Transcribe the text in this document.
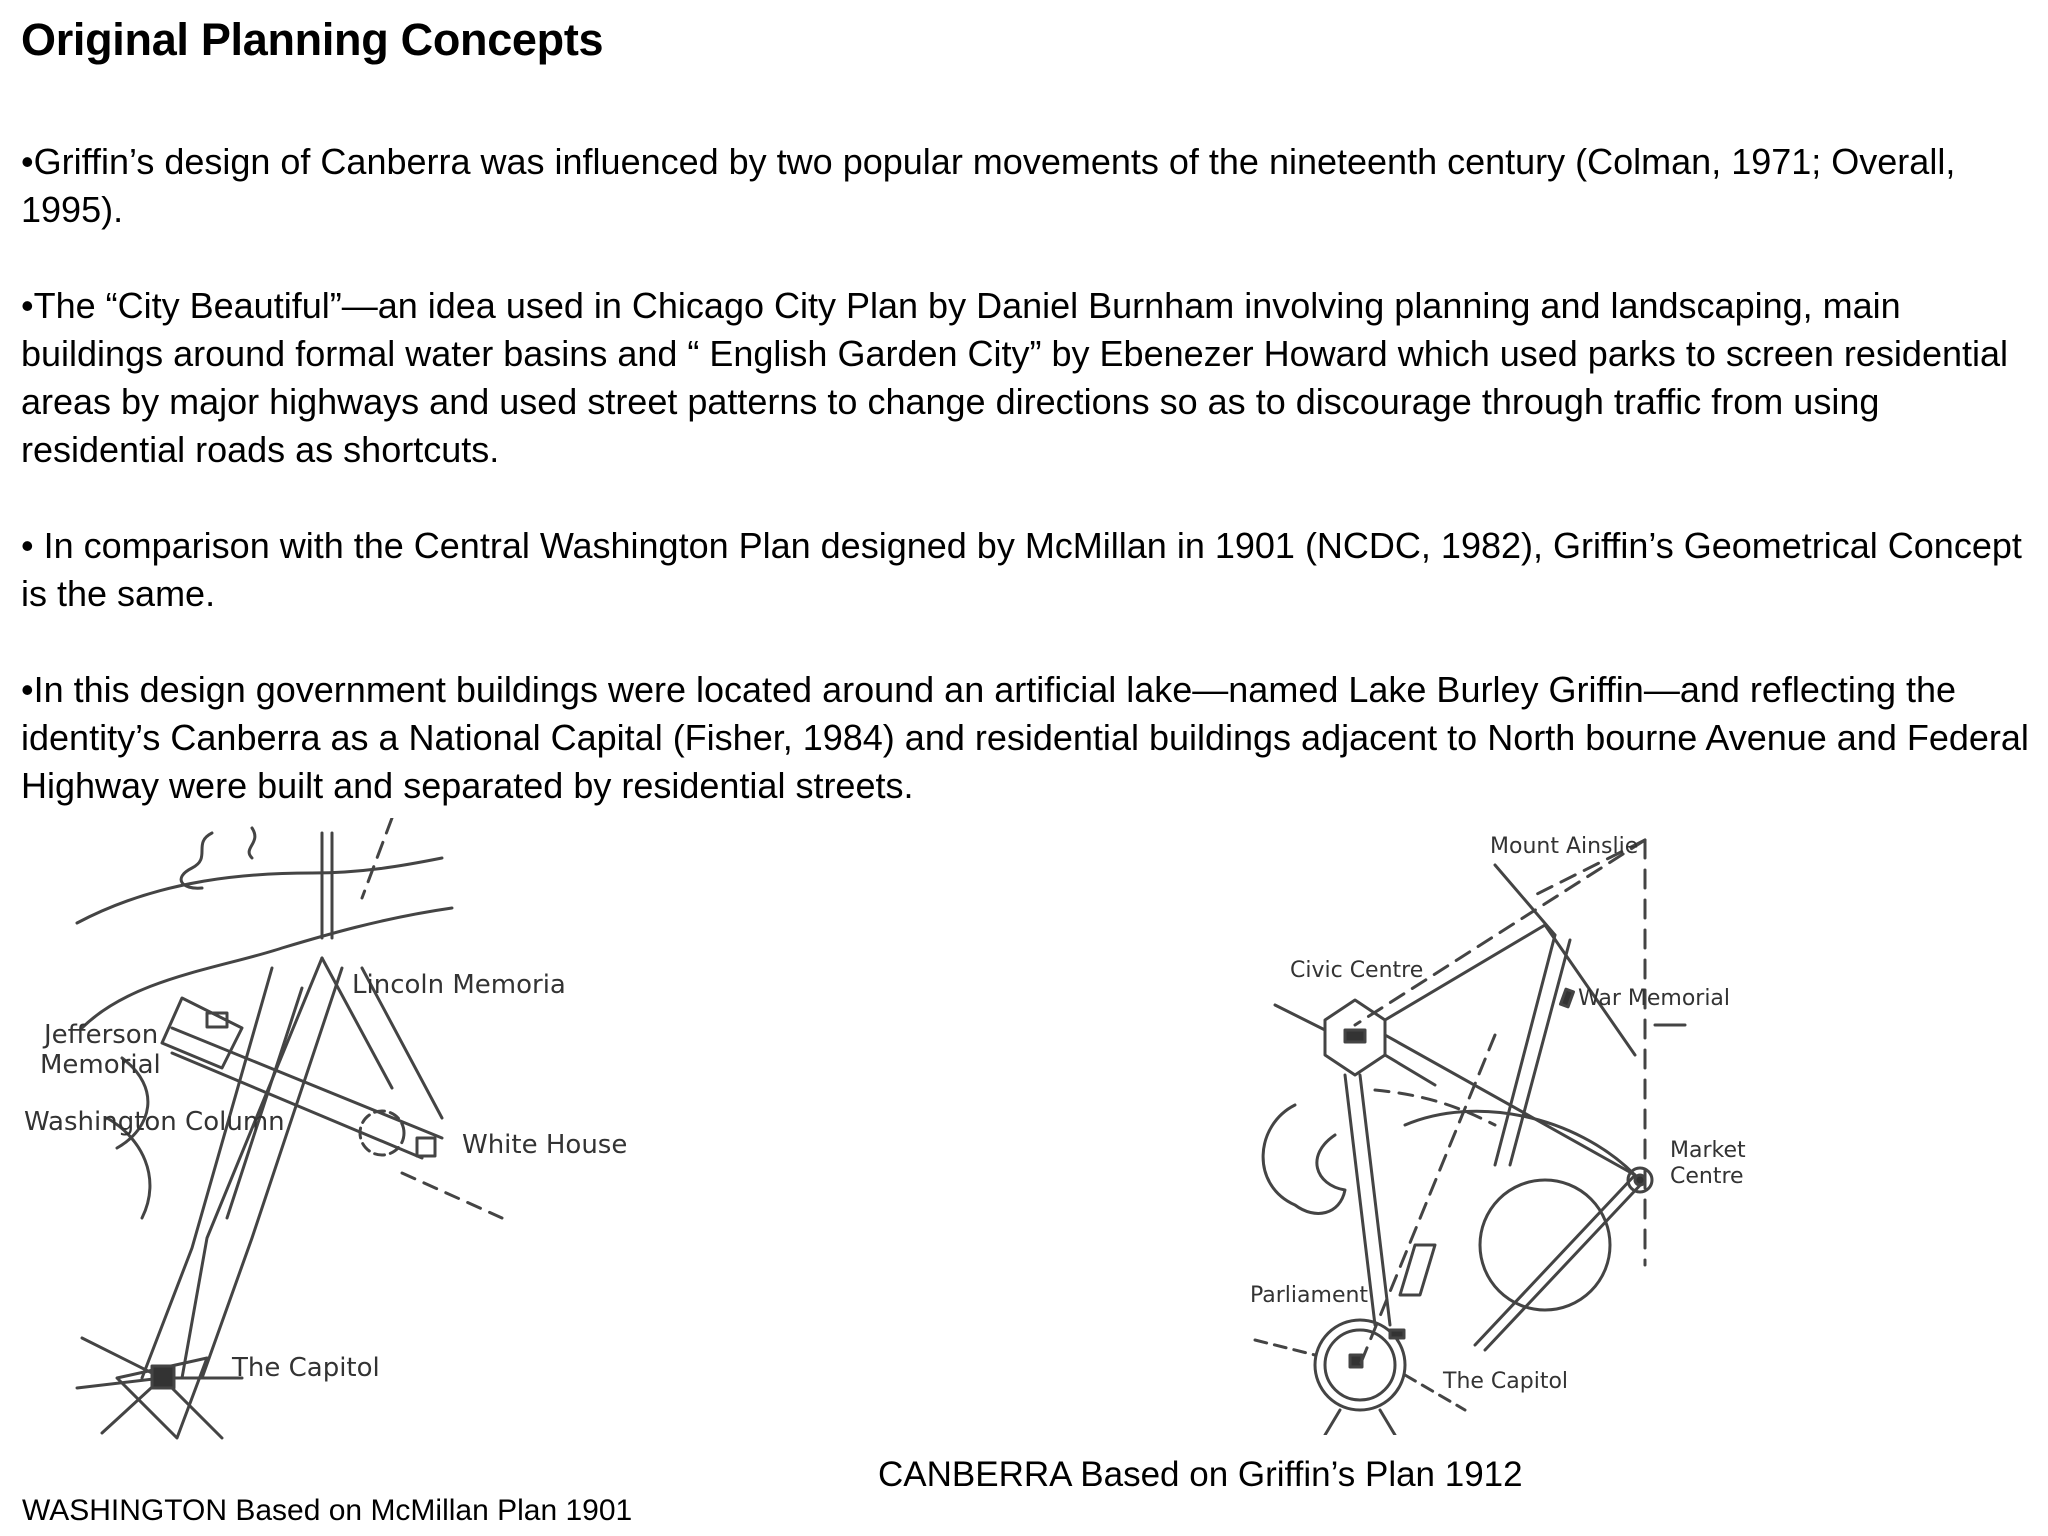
Original Planning Concepts

•Griffin’s design of Canberra was influenced by two popular movements of the nineteenth century (Colman, 1971; Overall, 1995).

•The “City Beautiful”—an idea used in Chicago City Plan by Daniel Burnham involving planning and landscaping, main buildings around formal water basins and “ English Garden City” by Ebenezer Howard which used parks to screen residential areas by major highways and used street patterns to change directions so as to discourage through traffic from using residential roads as shortcuts.

• In comparison with the Central Washington Plan designed by McMillan in 1901 (NCDC, 1982), Griffin’s Geometrical Concept is the same.

•In this design government buildings were located around an artificial lake—named Lake Burley Griffin—and reflecting the identity’s Canberra as a National Capital (Fisher, 1984) and residential buildings adjacent to North bourne Avenue and Federal Highway were built and separated by residential streets.

Lincoln Memoria
Jefferson
Memorial
Washington Column
White House
The Capitol

WASHINGTON Based on McMillan Plan 1901

Mount Ainslie
Civic Centre
War Memorial
Market
Centre
Parliament
The Capitol

CANBERRA Based on Griffin’s Plan 1912
